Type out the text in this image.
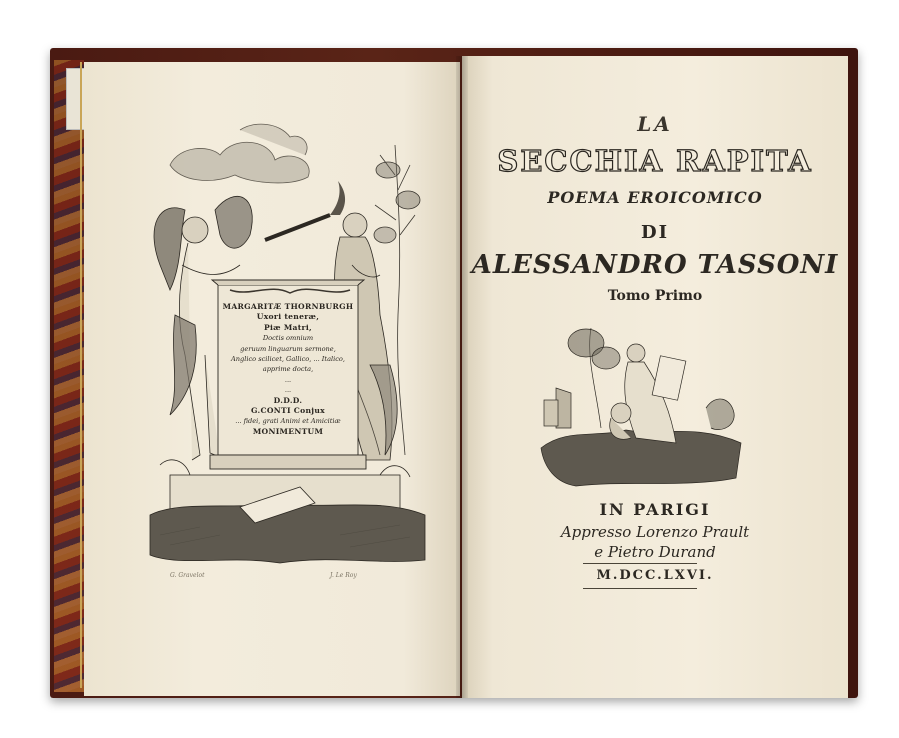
MARGARITÆ THORNBURGH
Uxori teneræ,
Piæ Matri,
Doctis omnium
geruum linguarum sermone,
Anglico scilicet, Gallico, ... Italico,
apprime docta,
...
...
D.D.D.
G.CONTI Conjux
... fidei, grati Animi et Amicitiæ
MONIMENTUM
G. Gravelot	J. Le Roy
LA
SECCHIA RAPITA
POEMA EROICOMICO
DI
ALESSANDRO TASSONI
Tomo Primo
IN PARIGI
Appresso Lorenzo Prault
e Pietro Durand
M.DCC.LXVI.
